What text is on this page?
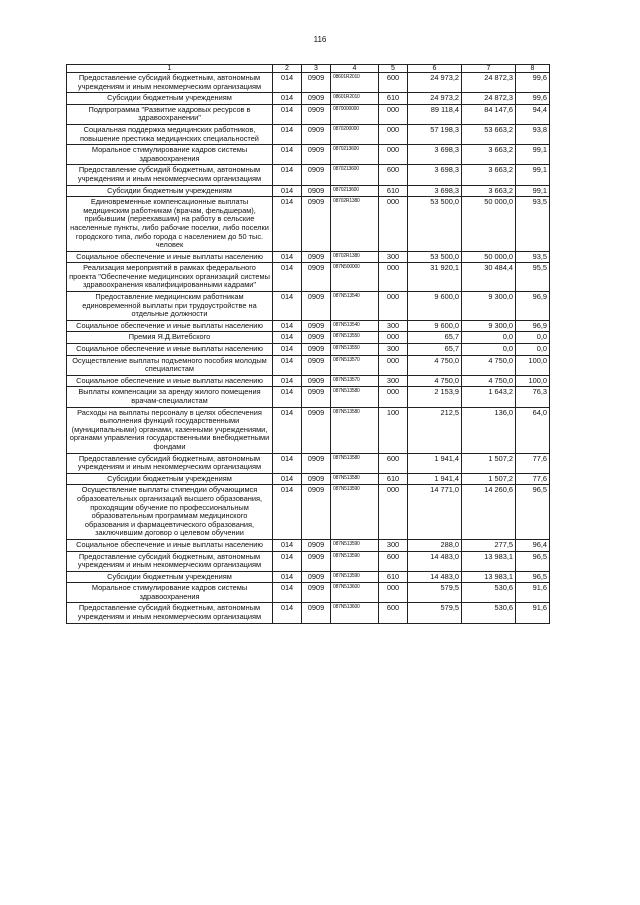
116
1	2	3	4	5	6	7	8
Предоставление субсидий бюджетным, автономным учреждениям и иным некоммерческим организациям	014	0909	08601R2010	600	24 973,2	24 872,3	99,6
Субсидии бюджетным учреждениям	014	0909	08601R2010	610	24 973,2	24 872,3	99,6
Подпрограмма "Развитие кадровых ресурсов в здравоохранении"	014	0909	0870000000	000	89 118,4	84 147,6	94,4
Социальная поддержка медицинских работников, повышение престижа медицинских специальностей	014	0909	0870200000	000	57 198,3	53 663,2	93,8
Моральное стимулирование кадров системы здравоохранения	014	0909	0870213600	000	3 698,3	3 663,2	99,1
Предоставление субсидий бюджетным, автономным учреждениям и иным некоммерческим организациям	014	0909	0870213600	600	3 698,3	3 663,2	99,1
Субсидии бюджетным учреждениям	014	0909	0870213600	610	3 698,3	3 663,2	99,1
Единовременные компенсационные выплаты медицинским работникам (врачам, фельдшерам), прибывшим (переехавшим) на работу в сельские населенные пункты, либо рабочие поселки, либо поселки городского типа, либо города с населением до 50 тыс. человек	014	0909	08702R1380	000	53 500,0	50 000,0	93,5
Социальное обеспечение и иные выплаты населению	014	0909	08702R1380	300	53 500,0	50 000,0	93,5
Реализация мероприятий в рамках федерального проекта "Обеспечение медицинских организаций системы здравоохранения квалифицированными кадрами"	014	0909	087N500000	000	31 920,1	30 484,4	95,5
Предоставление медицинским работникам единовременной выплаты при трудоустройстве на отдельные должности	014	0909	087N513540	000	9 600,0	9 300,0	96,9
Социальное обеспечение и иные выплаты населению	014	0909	087N513540	300	9 600,0	9 300,0	96,9
Премия Я.Д.Витебского	014	0909	087N513550	000	65,7	0,0	0,0
Социальное обеспечение и иные выплаты населению	014	0909	087N513550	300	65,7	0,0	0,0
Осуществление выплаты подъемного пособия молодым специалистам	014	0909	087N513570	000	4 750,0	4 750,0	100,0
Социальное обеспечение и иные выплаты населению	014	0909	087N513570	300	4 750,0	4 750,0	100,0
Выплаты компенсации за аренду жилого помещения врачам-специалистам	014	0909	087N513580	000	2 153,9	1 643,2	76,3
Расходы на выплаты персоналу в целях обеспечения выполнения функций государственными (муниципальными) органами, казенными учреждениями, органами управления государственными внебюджетными фондами	014	0909	087N513580	100	212,5	136,0	64,0
Предоставление субсидий бюджетным, автономным учреждениям и иным некоммерческим организациям	014	0909	087N513580	600	1 941,4	1 507,2	77,6
Субсидии бюджетным учреждениям	014	0909	087N513580	610	1 941,4	1 507,2	77,6
Осуществление выплаты стипендии обучающимся образовательных организаций высшего образования, проходящим обучение по профессиональным образовательным программам медицинского образования и фармацевтического образования, заключившим договор о целевом обучении	014	0909	087N513590	000	14 771,0	14 260,6	96,5
Социальное обеспечение и иные выплаты населению	014	0909	087N513590	300	288,0	277,5	96,4
Предоставление субсидий бюджетным, автономным учреждениям и иным некоммерческим организациям	014	0909	087N513590	600	14 483,0	13 983,1	96,5
Субсидии бюджетным учреждениям	014	0909	087N513590	610	14 483,0	13 983,1	96,5
Моральное стимулирование кадров системы здравоохранения	014	0909	087N513600	000	579,5	530,6	91,6
Предоставление субсидий бюджетным, автономным учреждениям и иным некоммерческим организациям	014	0909	087N513600	600	579,5	530,6	91,6
